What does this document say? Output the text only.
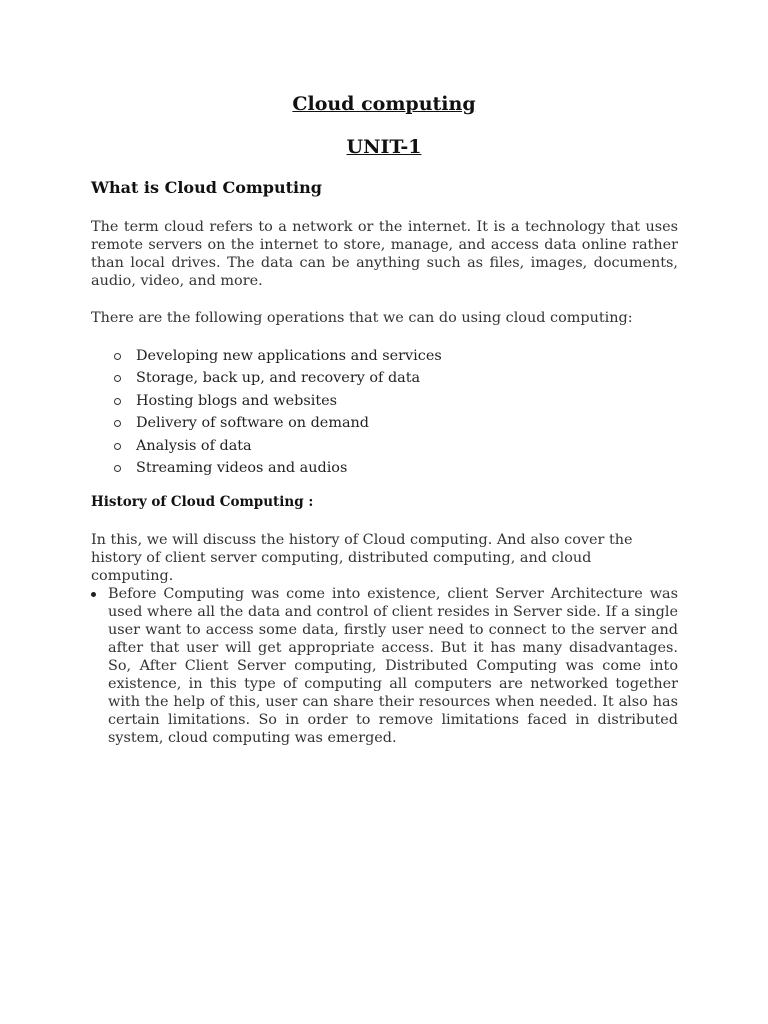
Cloud computing
UNIT-1
What is Cloud Computing
The term cloud refers to a network or the internet. It is a technology that uses remote servers on the internet to store, manage, and access data online rather than local drives. The data can be anything such as files, images, documents, audio, video, and more.
There are the following operations that we can do using cloud computing:
Developing new applications and services
Storage, back up, and recovery of data
Hosting blogs and websites
Delivery of software on demand
Analysis of data
Streaming videos and audios
History of Cloud Computing :
In this, we will discuss the history of Cloud computing. And also cover the history of client server computing, distributed computing, and cloud computing.
Before Computing was come into existence, client Server Architecture was used where all the data and control of client resides in Server side. If a single user want to access some data, firstly user need to connect to the server and after that user will get appropriate access. But it has many disadvantages. So, After Client Server computing, Distributed Computing was come into existence, in this type of computing all computers are networked together with the help of this, user can share their resources when needed. It also has certain limitations. So in order to remove limitations faced in distributed system, cloud computing was emerged.
